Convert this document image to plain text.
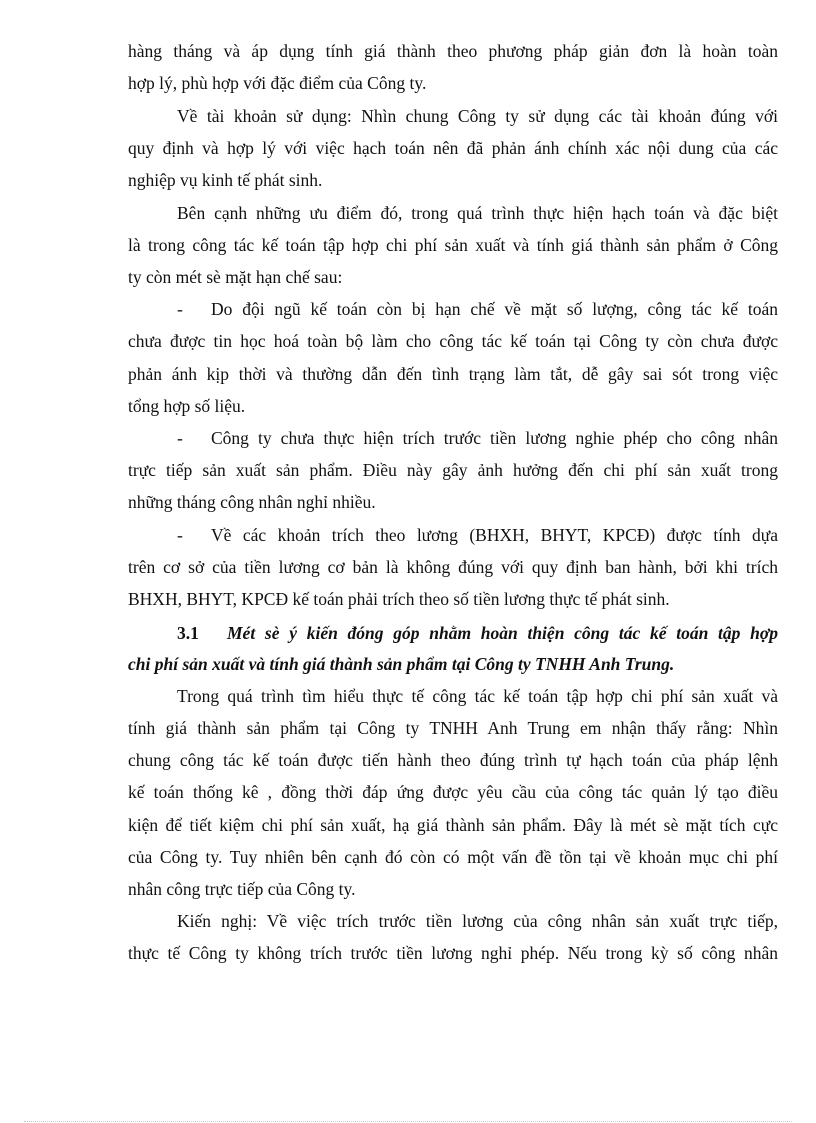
hàng tháng và áp dụng tính giá thành theo phương pháp giản đơn là hoàn toàn
hợp lý, phù hợp với đặc điểm của Công ty.
Về tài khoản sử dụng: Nhìn chung Công ty sử dụng các tài khoản đúng với
quy định và hợp lý với việc hạch toán nên đã phản ánh chính xác nội dung của các
nghiệp vụ kinh tế phát sinh.
Bên cạnh những ưu điểm đó, trong quá trình thực hiện hạch toán và đặc biệt
là trong công tác kế toán tập hợp chi phí sản xuất và tính giá thành sản phẩm ở Công
ty còn mét sè mặt hạn chế sau:
-	Do đội ngũ kế toán còn bị hạn chế về mặt số lượng, công tác kế toán
chưa được tin học hoá toàn bộ làm cho công tác kế toán tại Công ty còn chưa được
phản ánh kịp thời và thường dẫn đến tình trạng làm tắt, dễ gây sai sót trong việc
tổng hợp số liệu.
-	Công ty chưa thực hiện trích trước tiền lương nghie phép cho công nhân
trực tiếp sản xuất sản phẩm. Điều này gây ảnh hưởng đến chi phí sản xuất trong
những tháng công nhân nghỉ nhiều.
-	Về các khoản trích theo lương (BHXH, BHYT, KPCĐ) được tính dựa
trên cơ sở của tiền lương cơ bản là không đúng với quy định ban hành, bởi khi trích
BHXH, BHYT, KPCĐ kế toán phải trích theo số tiền lương thực tế phát sinh.
3.1 Mét sè ý kiến đóng góp nhằm hoàn thiện công tác kế toán tập hợp
chi phí sản xuất và tính giá thành sản phẩm tại Công ty TNHH Anh Trung.
Trong quá trình tìm hiểu thực tế công tác kế toán tập hợp chi phí sản xuất và
tính giá thành sản phẩm tại Công ty TNHH Anh Trung em nhận thấy rằng: Nhìn
chung công tác kế toán được tiến hành theo đúng trình tự hạch toán của pháp lệnh
kế toán thống kê , đồng thời đáp ứng được yêu cầu của công tác quản lý tạo điều
kiện để tiết kiệm chi phí sản xuất, hạ giá thành sản phẩm. Đây là mét sè mặt tích cực
của Công ty. Tuy nhiên bên cạnh đó còn có một vấn đề tồn tại về khoản mục chi phí
nhân công trực tiếp của Công ty.
Kiến nghị: Về việc trích trước tiền lương của công nhân sản xuất trực tiếp,
thực tế Công ty không trích trước tiền lương nghỉ phép. Nếu trong kỳ số công nhân
